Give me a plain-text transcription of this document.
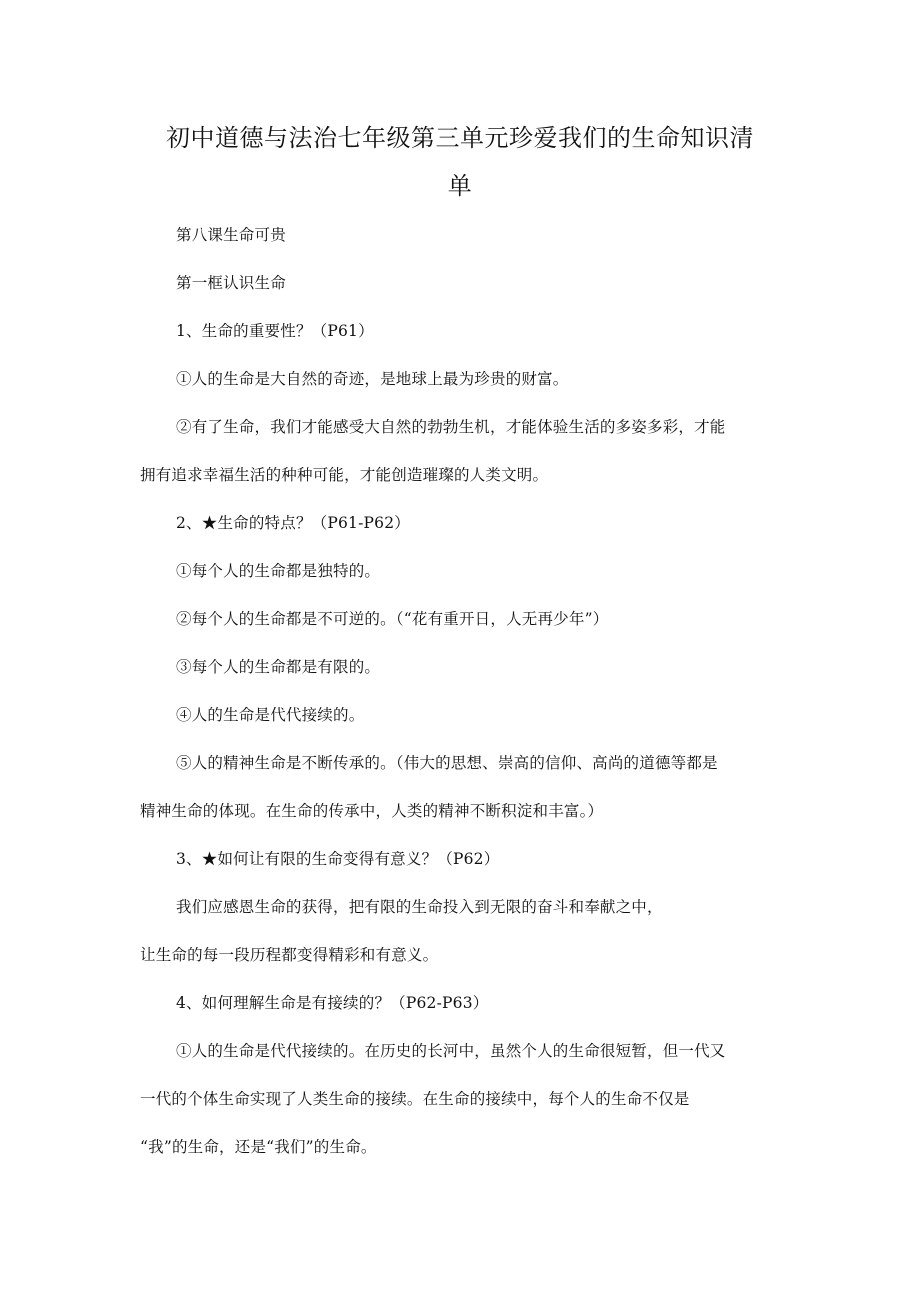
初中道德与法治七年级第三单元珍爱我们的生命知识清
单
第八课生命可贵
第一框认识生命
1、生命的重要性？（P61）
①人的生命是大自然的奇迹，是地球上最为珍贵的财富。
②有了生命，我们才能感受大自然的勃勃生机，才能体验生活的多姿多彩，才能
拥有追求幸福生活的种种可能，才能创造璀璨的人类文明。
2、★生命的特点？（P61-P62）
①每个人的生命都是独特的。
②每个人的生命都是不可逆的。（“花有重开日，人无再少年”）
③每个人的生命都是有限的。
④人的生命是代代接续的。
⑤人的精神生命是不断传承的。（伟大的思想、崇高的信仰、高尚的道德等都是
精神生命的体现。在生命的传承中，人类的精神不断积淀和丰富。）
3、★如何让有限的生命变得有意义？（P62）
我们应感恩生命的获得，把有限的生命投入到无限的奋斗和奉献之中，
让生命的每一段历程都变得精彩和有意义。
4、如何理解生命是有接续的？（P62-P63）
①人的生命是代代接续的。在历史的长河中，虽然个人的生命很短暂，但一代又
一代的个体生命实现了人类生命的接续。在生命的接续中，每个人的生命不仅是
“我”的生命，还是“我们”的生命。
